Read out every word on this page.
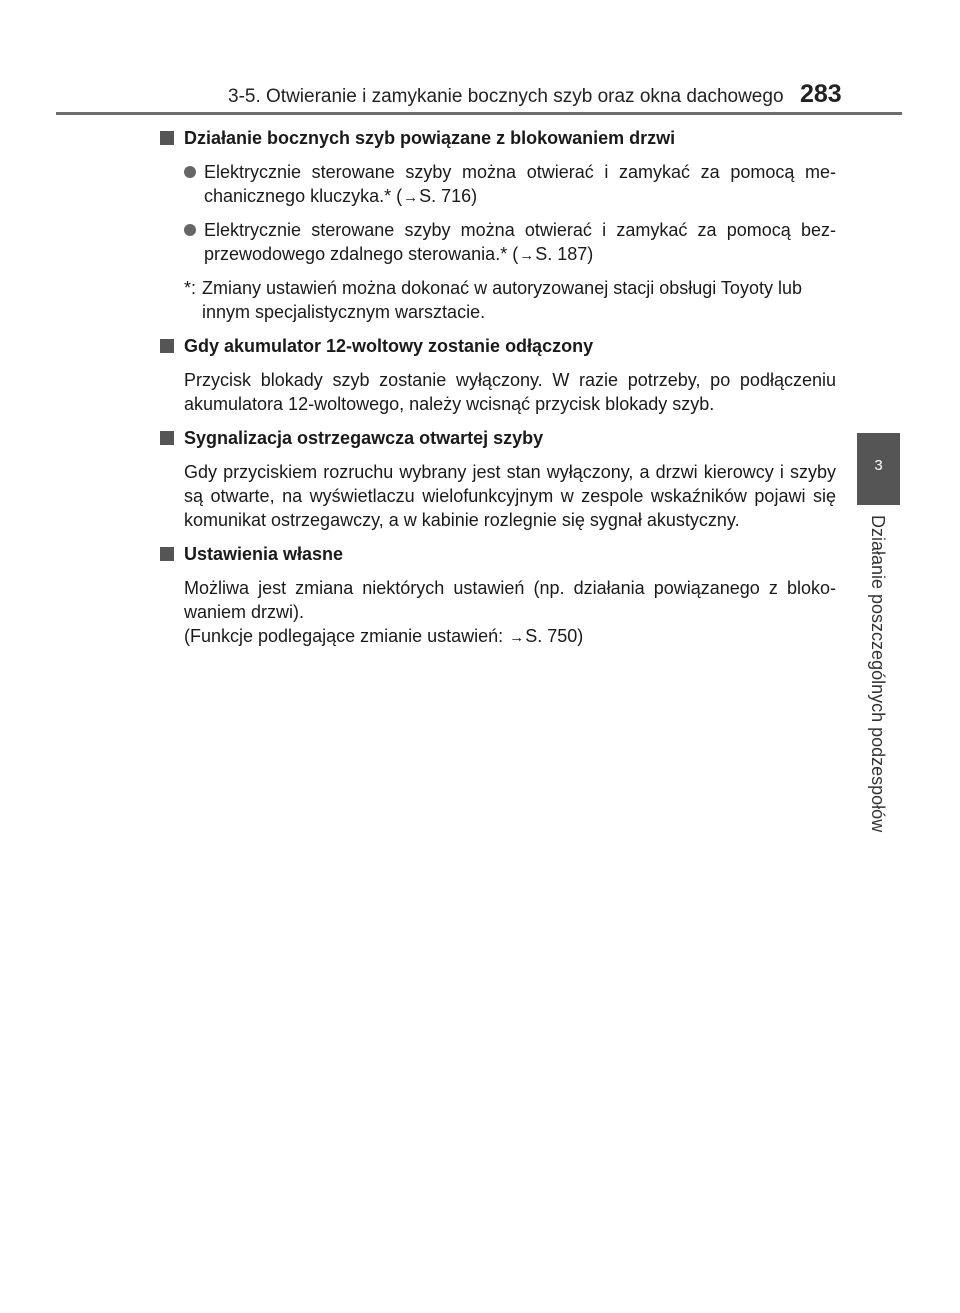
3-5. Otwieranie i zamykanie bocznych szyb oraz okna dachowego 283
3
Działanie poszczególnych podzespołów
Działanie bocznych szyb powiązane z blokowaniem drzwi
Elektrycznie sterowane szyby można otwierać i zamykać za pomocą mechanicznego kluczyka.* (→S. 716)
Elektrycznie sterowane szyby można otwierać i zamykać za pomocą bezprzewodowego zdalnego sterowania.* (→S. 187)
*: Zmiany ustawień można dokonać w autoryzowanej stacji obsługi Toyoty lub innym specjalistycznym warsztacie.
Gdy akumulator 12-woltowy zostanie odłączony
Przycisk blokady szyb zostanie wyłączony. W razie potrzeby, po podłączeniu akumulatora 12-woltowego, należy wcisnąć przycisk blokady szyb.
Sygnalizacja ostrzegawcza otwartej szyby
Gdy przyciskiem rozruchu wybrany jest stan wyłączony, a drzwi kierowcy i szyby są otwarte, na wyświetlaczu wielofunkcyjnym w zespole wskaźników pojawi się komunikat ostrzegawczy, a w kabinie rozlegnie się sygnał akustyczny.
Ustawienia własne
Możliwa jest zmiana niektórych ustawień (np. działania powiązanego z blokowaniem drzwi).
(Funkcje podlegające zmianie ustawień: →S. 750)
